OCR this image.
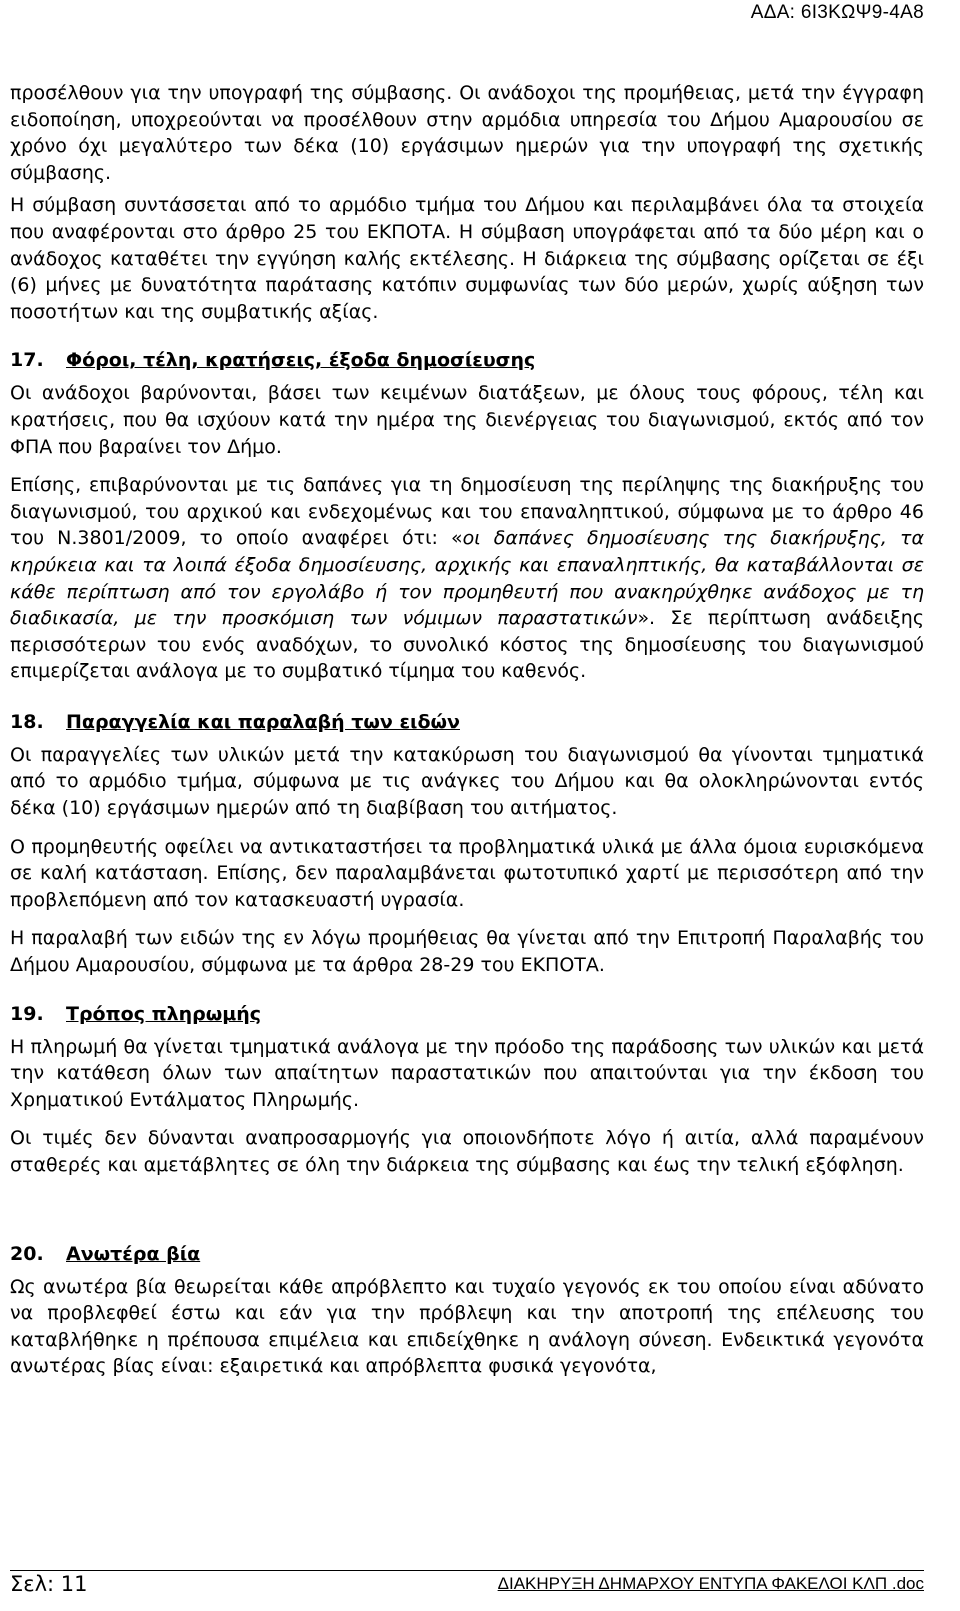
ΑΔΑ: 6Ι3ΚΩΨ9-4Α8

προσέλθουν για την υπογραφή της σύμβασης. Οι ανάδοχοι της προμήθειας, μετά την έγγραφη ειδοποίηση, υποχρεούνται να προσέλθουν στην αρμόδια υπηρεσία του Δήμου Αμαρουσίου σε χρόνο όχι μεγαλύτερο των δέκα (10) εργάσιμων ημερών για την υπογραφή της σχετικής σύμβασης.

Η σύμβαση συντάσσεται από το αρμόδιο τμήμα του Δήμου και περιλαμβάνει όλα τα στοιχεία που αναφέρονται στο άρθρο 25 του ΕΚΠΟΤΑ. Η σύμβαση υπογράφεται από τα δύο μέρη και ο ανάδοχος καταθέτει την εγγύηση καλής εκτέλεσης. Η διάρκεια της σύμβασης ορίζεται σε έξι (6) μήνες με δυνατότητα παράτασης κατόπιν συμφωνίας των δύο μερών, χωρίς αύξηση των ποσοτήτων και της συμβατικής αξίας.

17. Φόροι, τέλη, κρατήσεις, έξοδα δημοσίευσης

Οι ανάδοχοι βαρύνονται, βάσει των κειμένων διατάξεων, με όλους τους φόρους, τέλη και κρατήσεις, που θα ισχύουν κατά την ημέρα της διενέργειας του διαγωνισμού, εκτός από τον ΦΠΑ που βαραίνει τον Δήμο.

Επίσης, επιβαρύνονται με τις δαπάνες για τη δημοσίευση της περίληψης της διακήρυξης του διαγωνισμού, του αρχικού και ενδεχομένως και του επαναληπτικού, σύμφωνα με το άρθρο 46 του Ν.3801/2009, το οποίο αναφέρει ότι: «οι δαπάνες δημοσίευσης της διακήρυξης, τα κηρύκεια και τα λοιπά έξοδα δημοσίευσης, αρχικής και επαναληπτικής, θα καταβάλλονται σε κάθε περίπτωση από τον εργολάβο ή τον προμηθευτή που ανακηρύχθηκε ανάδοχος με τη διαδικασία, με την προσκόμιση των νόμιμων παραστατικών». Σε περίπτωση ανάδειξης περισσότερων του ενός αναδόχων, το συνολικό κόστος της δημοσίευσης του διαγωνισμού επιμερίζεται ανάλογα με το συμβατικό τίμημα του καθενός.

18. Παραγγελία και παραλαβή των ειδών

Οι παραγγελίες των υλικών μετά την κατακύρωση του διαγωνισμού θα γίνονται τμηματικά από το αρμόδιο τμήμα, σύμφωνα με τις ανάγκες του Δήμου και θα ολοκληρώνονται εντός δέκα (10) εργάσιμων ημερών από τη διαβίβαση του αιτήματος.

Ο προμηθευτής οφείλει να αντικαταστήσει τα προβληματικά υλικά με άλλα όμοια ευρισκόμενα σε καλή κατάσταση. Επίσης, δεν παραλαμβάνεται φωτοτυπικό χαρτί με περισσότερη από την προβλεπόμενη από τον κατασκευαστή υγρασία.

Η παραλαβή των ειδών της εν λόγω προμήθειας θα γίνεται από την Επιτροπή Παραλαβής του Δήμου Αμαρουσίου, σύμφωνα με τα άρθρα 28-29 του ΕΚΠΟΤΑ.

19. Τρόπος πληρωμής

Η πληρωμή θα γίνεται τμηματικά ανάλογα με την πρόοδο της παράδοσης των υλικών και μετά την κατάθεση όλων των απαίτητων παραστατικών που απαιτούνται για την έκδοση του Χρηματικού Εντάλματος Πληρωμής.

Οι τιμές δεν δύνανται αναπροσαρμογής για οποιονδήποτε λόγο ή αιτία, αλλά παραμένουν σταθερές και αμετάβλητες σε όλη την διάρκεια της σύμβασης και έως την τελική εξόφληση.

20. Ανωτέρα βία

Ως ανωτέρα βία θεωρείται κάθε απρόβλεπτο και τυχαίο γεγονός εκ του οποίου είναι αδύνατο να προβλεφθεί έστω και εάν για την πρόβλεψη και την αποτροπή της επέλευσης του καταβλήθηκε η πρέπουσα επιμέλεια και επιδείχθηκε η ανάλογη σύνεση. Ενδεικτικά γεγονότα ανωτέρας βίας είναι: εξαιρετικά και απρόβλεπτα φυσικά γεγονότα,

Σελ: 11	ΔΙΑΚΗΡΥΞΗ ΔΗΜΑΡΧΟΥ ΕΝΤΥΠΑ ΦΑΚΕΛΟΙ ΚΛΠ .doc
